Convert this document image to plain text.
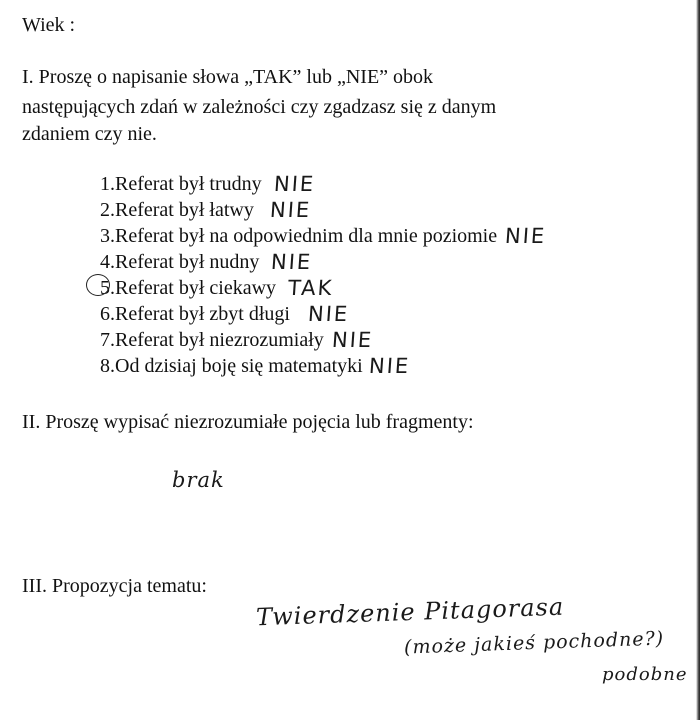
Wiek :
I. Proszę o napisanie słowa „TAK” lub „NIE” obok
następujących zdań w zależności czy zgadzasz się z danym
zdaniem czy nie.
1.Referat był trudny NIE
2.Referat był łatwy NIE
3.Referat był na odpowiednim dla mnie poziomie NIE
4.Referat był nudny NIE
5.Referat był ciekawy TAK
6.Referat był zbyt długi NIE
7.Referat był niezrozumiały NIE
8.Od dzisiaj boję się matematyki NIE
II. Proszę wypisać niezrozumiałe pojęcia lub fragmenty:
brak
III. Propozycja tematu:
Twierdzenie Pitagorasa
(może jakieś pochodne?)
podobne
